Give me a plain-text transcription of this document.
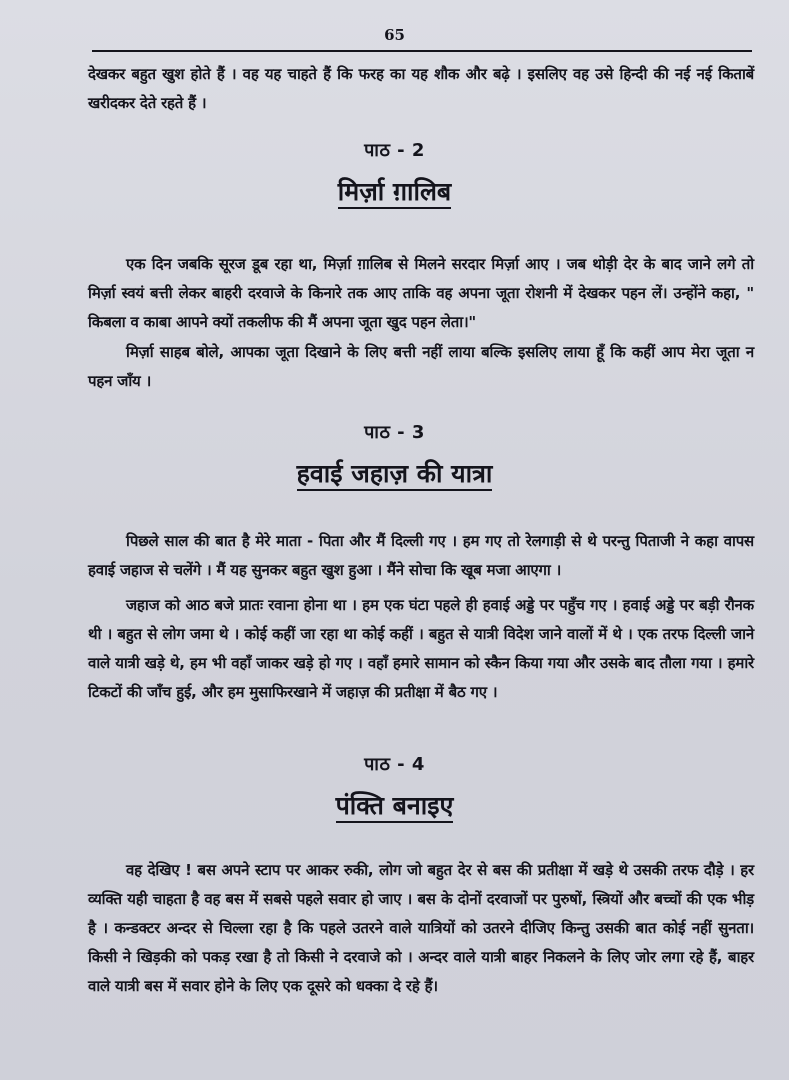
65

देखकर बहुत खुश होते हैं । वह यह चाहते हैं कि फरह का यह शौक और बढ़े । इसलिए वह उसे हिन्दी की नई नई किताबें खरीदकर देते रहते हैं ।

पाठ - 2
मिर्ज़ा ग़ालिब

एक दिन जबकि सूरज डूब रहा था, मिर्ज़ा ग़ालिब से मिलने सरदार मिर्ज़ा आए । जब थोड़ी देर के बाद जाने लगे तो मिर्ज़ा स्वयं बत्ती लेकर बाहरी दरवाजे के किनारे तक आए ताकि वह अपना जूता रोशनी में देखकर पहन लें। उन्होंने कहा, " किबला व काबा आपने क्यों तकलीफ की मैं अपना जूता खुद पहन लेता।"

मिर्ज़ा साहब बोले, आपका जूता दिखाने के लिए बत्ती नहीं लाया बल्कि इसलिए लाया हूँ कि कहीं आप मेरा जूता न पहन जाँय ।

पाठ - 3
हवाई जहाज़ की यात्रा

पिछले साल की बात है मेरे माता - पिता और मैं दिल्ली गए । हम गए तो रेलगाड़ी से थे परन्तु पिताजी ने कहा वापस हवाई जहाज से चलेंगे । मैं यह सुनकर बहुत खुश हुआ । मैंने सोचा कि खूब मजा आएगा ।

जहाज को आठ बजे प्रातः रवाना होना था । हम एक घंटा पहले ही हवाई अड्डे पर पहुँच गए । हवाई अड्डे पर बड़ी रौनक थी । बहुत से लोग जमा थे । कोई कहीं जा रहा था कोई कहीं । बहुत से यात्री विदेश जाने वालों में थे । एक तरफ दिल्ली जाने वाले यात्री खड़े थे, हम भी वहाँ जाकर खड़े हो गए । वहाँ हमारे सामान को स्कैन किया गया और उसके बाद तौला गया । हमारे टिकटों की जाँच हुई, और हम मुसाफिरखाने में जहाज़ की प्रतीक्षा में बैठ गए ।

पाठ - 4
पंक्ति बनाइए

वह देखिए ! बस अपने स्टाप पर आकर रुकी, लोग जो बहुत देर से बस की प्रतीक्षा में खड़े थे उसकी तरफ दौड़े । हर व्यक्ति यही चाहता है वह बस में सबसे पहले सवार हो जाए । बस के दोनों दरवाजों पर पुरुषों, स्त्रियों और बच्चों की एक भीड़ है । कन्डक्टर अन्दर से चिल्ला रहा है कि पहले उतरने वाले यात्रियों को उतरने दीजिए किन्तु उसकी बात कोई नहीं सुनता। किसी ने खिड़की को पकड़ रखा है तो किसी ने दरवाजे को । अन्दर वाले यात्री बाहर निकलने के लिए जोर लगा रहे हैं, बाहर वाले यात्री बस में सवार होने के लिए एक दूसरे को धक्का दे रहे हैं।
